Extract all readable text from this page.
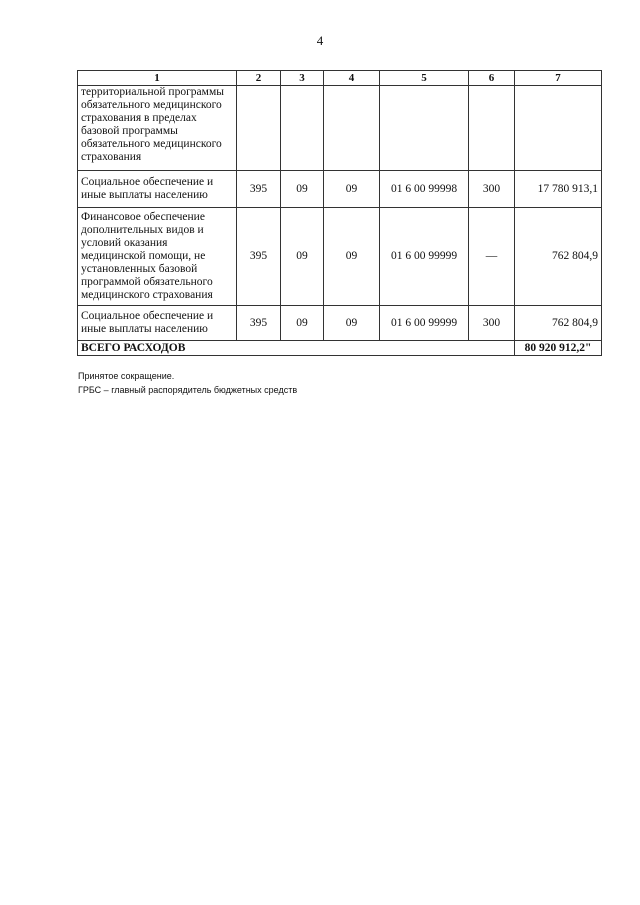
4
1	2	3	4	5	6	7
территориальной программы обязательного медицинского страхования в пределах базовой программы обязательного медицинского страхования						
Социальное обеспечение и иные выплаты населению	395	09	09	01 6 00 99998	300	17 780 913,1
Финансовое обеспечение дополнительных видов и условий оказания медицинской помощи, не установленных базовой программой обязательного медицинского страхования	395	09	09	01 6 00 99999	—	762 804,9
Социальное обеспечение и иные выплаты населению	395	09	09	01 6 00 99999	300	762 804,9
ВСЕГО РАСХОДОВ						80 920 912,2"
Принятое сокращение.
ГРБС – главный распорядитель бюджетных средств
